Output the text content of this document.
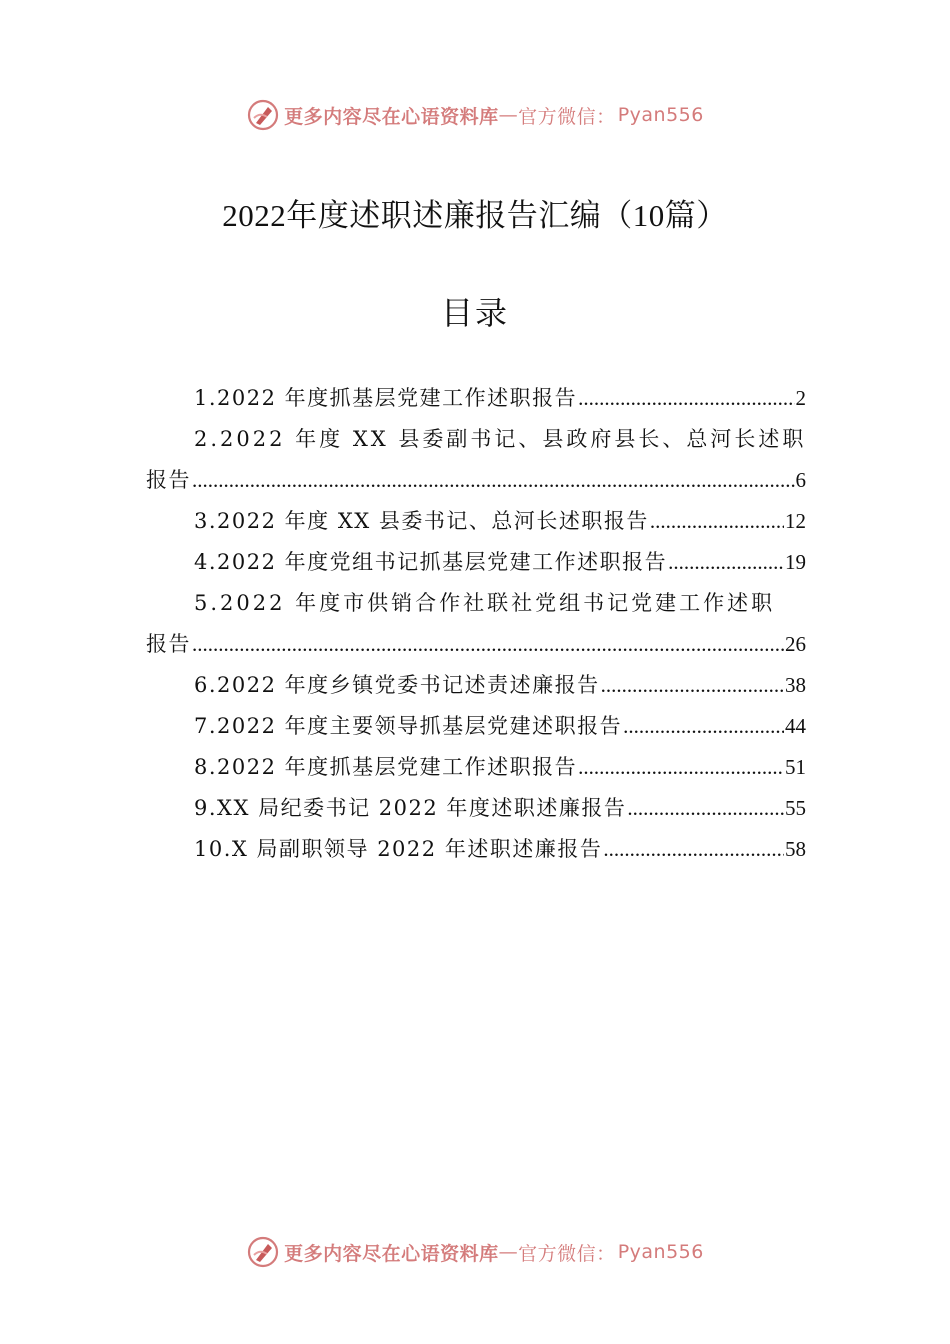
更多内容尽在心语资料库 — 官方微信： Pyan556
2022年度述职述廉报告汇编（10篇）
目录
1.2022 年度抓基层党建工作述职报告 .....	2
2.2022 年度 XX 县委副书记、县政府县长、总河长述职
报告 .....	6
3.2022 年度 XX 县委书记、总河长述职报告 .....	12
4.2022 年度党组书记抓基层党建工作述职报告 .....	19
5.2022 年度市供销合作社联社党组书记党建工作述职
报告 .....	26
6.2022 年度乡镇党委书记述责述廉报告 .....	38
7.2022 年度主要领导抓基层党建述职报告 .....	44
8.2022 年度抓基层党建工作述职报告 .....	51
9.XX 局纪委书记 2022 年度述职述廉报告 .....	55
10.X 局副职领导 2022 年述职述廉报告 .....	58
更多内容尽在心语资料库 — 官方微信： Pyan556
